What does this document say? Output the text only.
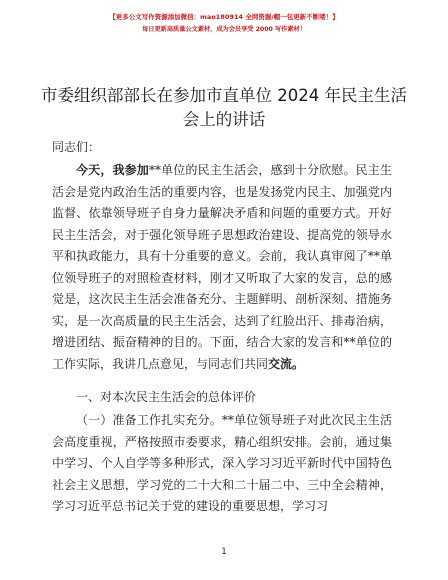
【更多公文写作资源添加微信：mao180914 全网资源/帽一包更新不断喽！】
每日更新高质量公文素材，成为会员享受 2000 写作素材！
市委组织部部长在参加市直单位 2024 年民主生活会上的讲话
同志们：
今天，我参加**单位的民主生活会，感到十分欣慰。民主生活会是党内政治生活的重要内容，也是发扬党内民主、加强党内监督、依靠领导班子自身力量解决矛盾和问题的重要方式。开好民主生活会，对于强化领导班子思想政治建设、提高党的领导水平和执政能力，具有十分重要的意义。会前，我认真审阅了**单位领导班子的对照检查材料，刚才又听取了大家的发言，总的感觉是，这次民主生活会准备充分、主题鲜明、剖析深刻、措施务实，是一次高质量的民主生活会，达到了红脸出汗、排毒治病，增进团结、振奋精神的目的。下面，结合大家的发言和**单位的工作实际，我讲几点意见，与同志们共同交流。
一、对本次民主生活会的总体评价
（一）准备工作扎实充分。**单位领导班子对此次民主生活会高度重视，严格按照市委要求，精心组织安排。会前，通过集中学习、个人自学等多种形式，深入学习习近平新时代中国特色社会主义思想，学习党的二十大和二十届二中、三中全会精神，学习习近平总书记关于党的建设的重要思想，学习习
1
